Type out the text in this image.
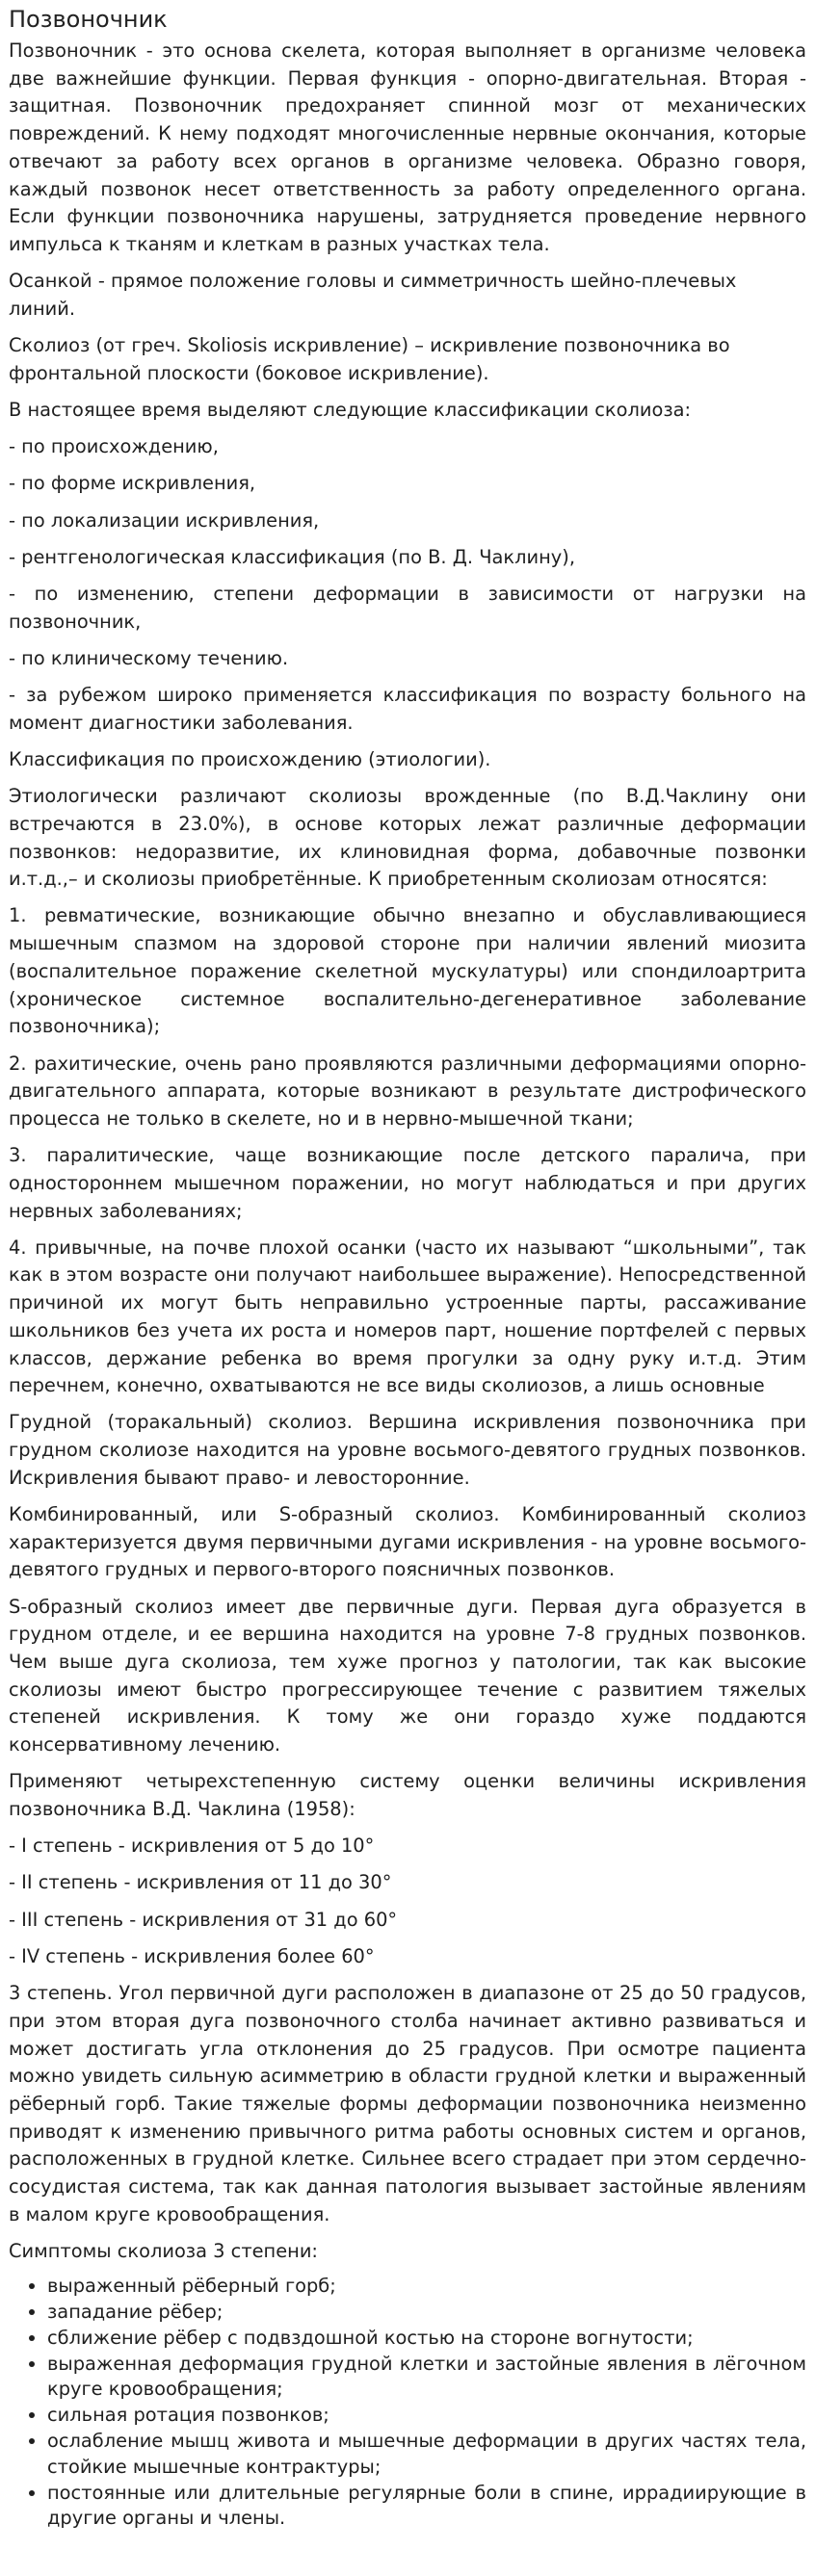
Позвоночник

Позвоночник - это основа скелета, которая выполняет в организме человека две важнейшие функции. Первая функция - опорно-двигательная. Вторая - защитная. Позвоночник предохраняет спинной мозг от механических повреждений. К нему подходят многочисленные нервные окончания, которые отвечают за работу всех органов в организме человека. Образно говоря, каждый позвонок несет ответственность за работу определенного органа. Если функции позвоночника нарушены, затрудняется проведение нервного импульса к тканям и клеткам в разных участках тела.

Осанкой - прямое положение головы и симметричность шейно-плечевых линий.

Сколиоз (от греч. Skoliosis искривление) – искривление позвоночника во фронтальной плоскости (боковое искривление).

В настоящее время выделяют следующие классификации сколиоза:

- по происхождению,

- по форме искривления,

- по локализации искривления,

- рентгенологическая классификация (по В. Д. Чаклину),

- по изменению, степени деформации в зависимости от нагрузки на позвоночник,

- по клиническому течению.

- за рубежом широко применяется классификация по возрасту больного на момент диагностики заболевания.

Классификация по происхождению (этиологии).

Этиологически различают сколиозы врожденные (по В.Д.Чаклину они встречаются в 23.0%), в основе которых лежат различные деформации позвонков: недоразвитие, их клиновидная форма, добавочные позвонки и.т.д.,– и сколиозы приобретённые. К приобретенным сколиозам относятся:

1. ревматические, возникающие обычно внезапно и обуславливающиеся мышечным спазмом на здоровой стороне при наличии явлений миозита (воспалительное поражение скелетной мускулатуры) или спондилоартрита (хроническое системное воспалительно-дегенеративное заболевание позвоночника);

2. рахитические, очень рано проявляются различными деформациями опорно-двигательного аппарата, которые возникают в результате дистрофического процесса не только в скелете, но и в нервно-мышечной ткани;

3. паралитические, чаще возникающие после детского паралича, при одностороннем мышечном поражении, но могут наблюдаться и при других нервных заболеваниях;

4. привычные, на почве плохой осанки (часто их называют “школьными”, так как в этом возрасте они получают наибольшее выражение). Непосредственной причиной их могут быть неправильно устроенные парты, рассаживание школьников без учета их роста и номеров парт, ношение портфелей с первых классов, держание ребенка во время прогулки за одну руку и.т.д. Этим перечнем, конечно, охватываются не все виды сколиозов, а лишь основные

Грудной (торакальный) сколиоз. Вершина искривления позвоночника при грудном сколиозе находится на уровне восьмого-девятого грудных позвонков. Искривления бывают право- и левосторонние.

Комбинированный, или S-образный сколиоз. Комбинированный сколиоз характеризуется двумя первичными дугами искривления - на уровне восьмого-девятого грудных и первого-второго поясничных позвонков.

S-образный сколиоз имеет две первичные дуги. Первая дуга образуется в грудном отделе, и ее вершина находится на уровне 7-8 грудных позвонков. Чем выше дуга сколиоза, тем хуже прогноз у патологии, так как высокие сколиозы имеют быстро прогрессирующее течение с развитием тяжелых степеней искривления. К тому же они гораздо хуже поддаются консервативному лечению.

Применяют четырехстепенную систему оценки величины искривления позвоночника В.Д. Чаклина (1958):

- I степень - искривления от 5 до 10°

- II степень - искривления от 11 до 30°

- III степень - искривления от 31 до 60°

- IV степень - искривления более 60°

3 степень. Угол первичной дуги расположен в диапазоне от 25 до 50 градусов, при этом вторая дуга позвоночного столба начинает активно развиваться и может достигать угла отклонения до 25 градусов. При осмотре пациента можно увидеть сильную асимметрию в области грудной клетки и выраженный рёберный горб. Такие тяжелые формы деформации позвоночника неизменно приводят к изменению привычного ритма работы основных систем и органов, расположенных в грудной клетке. Сильнее всего страдает при этом сердечно-сосудистая система, так как данная патология вызывает застойные явлениям в малом круге кровообращения.

Симптомы сколиоза 3 степени:

• выраженный рёберный горб;
• западание рёбер;
• сближение рёбер с подвздошной костью на стороне вогнутости;
• выраженная деформация грудной клетки и застойные явления в лёгочном круге кровообращения;
• сильная ротация позвонков;
• ослабление мышц живота и мышечные деформации в других частях тела, стойкие мышечные контрактуры;
• постоянные или длительные регулярные боли в спине, иррадиирующие в другие органы и члены.
